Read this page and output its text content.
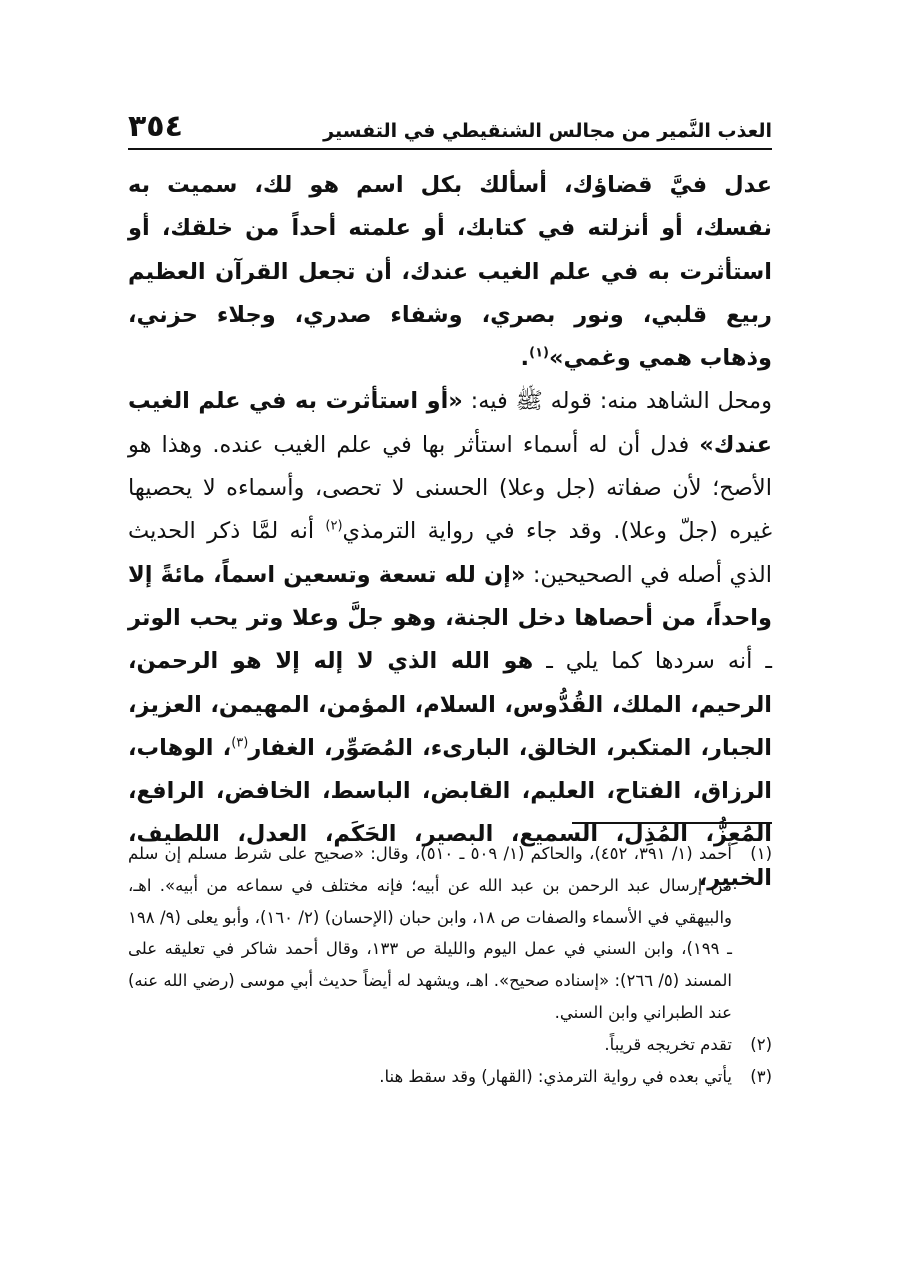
العذب النَّمير من مجالس الشنقيطي في التفسير
٣٥٤

عدل فيَّ قضاؤك، أسألك بكل اسم هو لك، سميت به نفسك، أو أنزلته في كتابك، أو علمته أحداً من خلقك، أو استأثرت به في علم الغيب عندك، أن تجعل القرآن العظيم ربيع قلبي، ونور بصري، وشفاء صدري، وجلاء حزني، وذهاب همي وغمي»$^{(١)}$.

ومحل الشاهد منه: قوله ﷺ فيه: «أو استأثرت به في علم الغيب عندك» فدل أن له أسماء استأثر بها في علم الغيب عنده. وهذا هو الأصح؛ لأن صفاته (جل وعلا) الحسنى لا تحصى، وأسماءه لا يحصيها غيره (جلّ وعلا). وقد جاء في رواية الترمذي$^{(٢)}$ أنه لمَّا ذكر الحديث الذي أصله في الصحيحين: «إن لله تسعة وتسعين اسماً، مائةً إلا واحداً، من أحصاها دخل الجنة، وهو جلَّ وعلا وتر يحب الوتر ـ أنه سردها كما يلي ـ هو الله الذي لا إله إلا هو الرحمن، الرحيم، الملك، القُدُّوس، السلام، المؤمن، المهيمن، العزيز، الجبار، المتكبر، الخالق، البارىء، المُصَوِّر، الغفار$^{(٣)}$، الوهاب، الرزاق، الفتاح، العليم، القابض، الباسط، الخافض، الرافع، المُعِزُّ، المُذِل، السميع، البصير، الحَكَم، العدل، اللطيف، الخبير،

(١)
أحمد (١/ ٣٩١، ٤٥٢)، والحاكم (١/ ٥٠٩ ـ ٥١٠)، وقال: «صحيح على شرط مسلم إن سلم من إرسال عبد الرحمن بن عبد الله عن أبيه؛ فإنه مختلف في سماعه من أبيه». اهـ، والبيهقي في الأسماء والصفات ص ١٨، وابن حبان (الإحسان) (٢/ ١٦٠)، وأبو يعلى (٩/ ١٩٨ ـ ١٩٩)، وابن السني في عمل اليوم والليلة ص ١٣٣، وقال أحمد شاكر في تعليقه على المسند (٥/ ٢٦٦): «إسناده صحيح». اهـ، ويشهد له أيضاً حديث أبي موسى (رضي الله عنه) عند الطبراني وابن السني.
(٢)
تقدم تخريجه قريباً.
(٣)
يأتي بعده في رواية الترمذي: (القهار) وقد سقط هنا.
